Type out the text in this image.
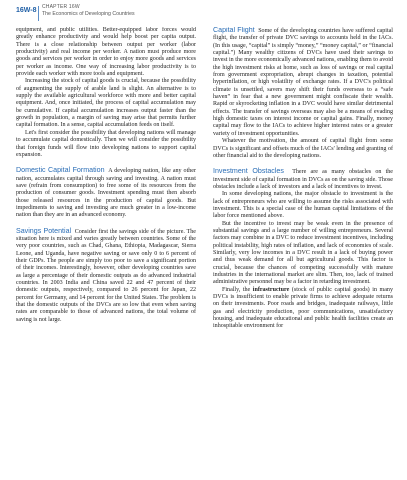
16W-8 CHAPTER 16W
The Economics of Developing Countries

equipment, and public utilities. Better-equipped labor forces would greatly enhance productivity and would help boost per capita output. There is a close relationship between output per worker (labor productivity) and real income per worker. A nation must produce more goods and services per worker in order to enjoy more goods and services per worker as income. One way of increasing labor productivity is to provide each worker with more tools and equipment.

Increasing the stock of capital goods is crucial, because the possibility of augmenting the supply of arable land is slight. An alternative is to supply the available agricultural workforce with more and better capital equipment. And, once initiated, the process of capital accumulation may be cumulative. If capital accumulation increases output faster than the growth in population, a margin of saving may arise that permits further capital formation. In a sense, capital accumulation feeds on itself.

Let's first consider the possibility that developing nations will manage to accumulate capital domestically. Then we will consider the possibility that foreign funds will flow into developing nations to support capital expansion.

Domestic Capital Formation A developing nation, like any other nation, accumulates capital through saving and investing. A nation must save (refrain from consumption) to free some of its resources from the production of consumer goods. Investment spending must then absorb those released resources in the production of capital goods. But impediments to saving and investing are much greater in a low-income nation than they are in an advanced economy.

Savings Potential Consider first the savings side of the picture. The situation here is mixed and varies greatly between countries. Some of the very poor countries, such as Chad, Ghana, Ethiopia, Madagascar, Sierra Leone, and Uganda, have negative saving or save only 0 to 6 percent of their GDPs. The people are simply too poor to save a significant portion of their incomes. Interestingly, however, other developing countries save as large a percentage of their domestic outputs as do advanced industrial countries. In 2003 India and China saved 22 and 47 percent of their domestic outputs, respectively, compared to 26 percent for Japan, 22 percent for Germany, and 14 percent for the United States. The problem is that the domestic outputs of the DVCs are so low that even when saving rates are comparable to those of advanced nations, the total volume of saving is not large.

Capital Flight Some of the developing countries have suffered capital flight, the transfer of private DVC savings to accounts held in the IACs. (In this usage, “capital” is simply “money,” “money capital,” or “financial capital.”) Many wealthy citizens of DVCs have used their savings to invest in the more economically advanced nations, enabling them to avoid the high investment risks at home, such as loss of savings or real capital from government expropriation, abrupt changes in taxation, potential hyperinflation, or high volatility of exchange rates. If a DVC's political climate is unsettled, savers may shift their funds overseas to a “safe haven” in fear that a new government might confiscate their wealth. Rapid or skyrocketing inflation in a DVC would have similar detrimental effects. The transfer of savings overseas may also be a means of evading high domestic taxes on interest income or capital gains. Finally, money capital may flow to the IACs to achieve higher interest rates or a greater variety of investment opportunities.

Whatever the motivation, the amount of capital flight from some DVCs is significant and offsets much of the IACs' lending and granting of other financial aid to the developing nations.

Investment Obstacles There are as many obstacles on the investment side of capital formation in DVCs as on the saving side. Those obstacles include a lack of investors and a lack of incentives to invest.

In some developing nations, the major obstacle to investment is the lack of entrepreneurs who are willing to assume the risks associated with investment. This is a special case of the human capital limitations of the labor force mentioned above.

But the incentive to invest may be weak even in the presence of substantial savings and a large number of willing entrepreneurs. Several factors may combine in a DVC to reduce investment incentives, including political instability, high rates of inflation, and lack of economies of scale. Similarly, very low incomes in a DVC result in a lack of buying power and thus weak demand for all but agricultural goods. This factor is crucial, because the chances of competing successfully with mature industries in the international market are slim. Then, too, lack of trained administrative personnel may be a factor in retarding investment.

Finally, the infrastructure (stock of public capital goods) in many DVCs is insufficient to enable private firms to achieve adequate returns on their investments. Poor roads and bridges, inadequate railways, little gas and electricity production, poor communications, unsatisfactory housing, and inadequate educational and public health facilities create an inhospitable environment for
